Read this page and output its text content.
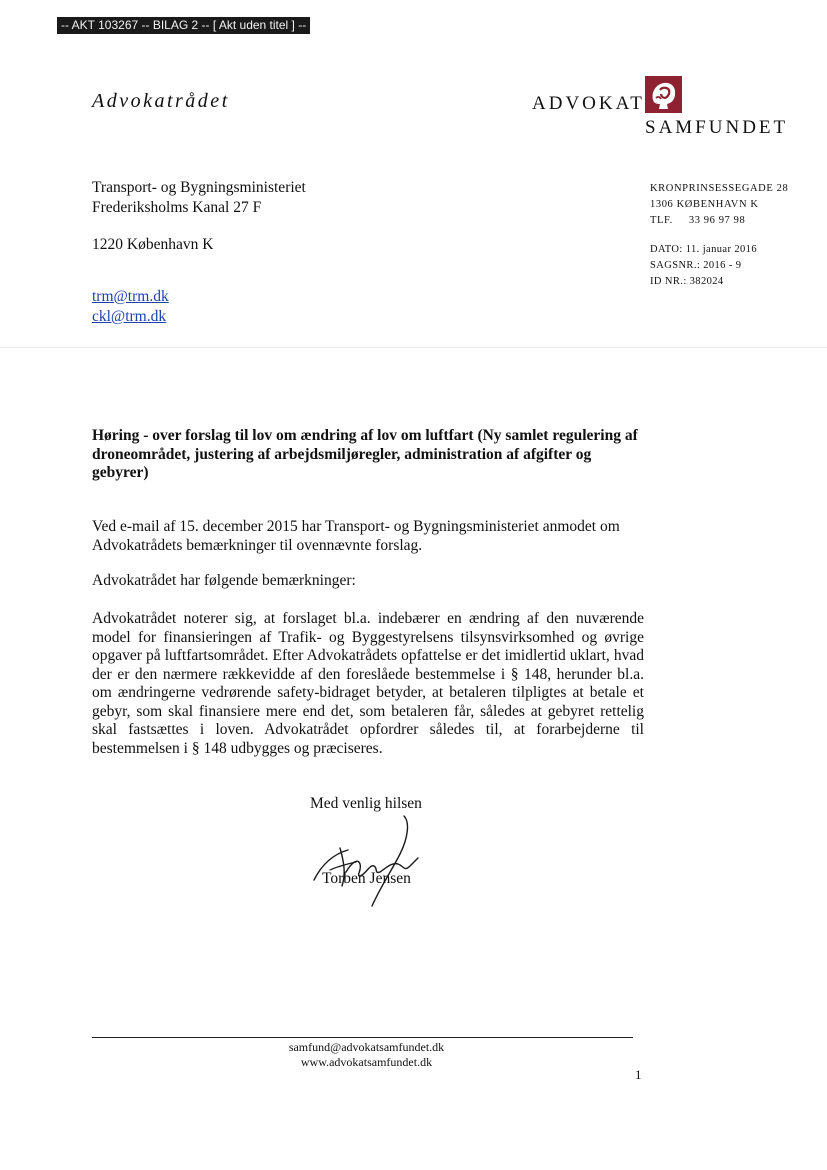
-- AKT 103267 -- BILAG 2 -- [ Akt uden titel ] --
Advokatrådet	ADVOKAT
SAMFUNDET
Transport- og Bygningsministeriet
Frederiksholms Kanal 27 F
1220 København K
trm@trm.dk
ckl@trm.dk
KRONPRINSESSEGADE 28
1306 KØBENHAVN K
TLF. 33 96 97 98
DATO: 11. januar 2016
SAGSNR.: 2016 - 9
ID NR.: 382024
Høring - over forslag til lov om ændring af lov om luftfart (Ny samlet regulering af droneområdet, justering af arbejdsmiljøregler, administration af afgifter og gebyrer)
Ved e-mail af 15. december 2015 har Transport- og Bygningsministeriet anmodet om Advokatrådets bemærkninger til ovennævnte forslag.
Advokatrådet har følgende bemærkninger:
Advokatrådet noterer sig, at forslaget bl.a. indebærer en ændring af den nuværende model for finansieringen af Trafik- og Byggestyrelsens tilsynsvirksomhed og øvrige opgaver på luftfartsområdet. Efter Advokatrådets opfattelse er det imidlertid uklart, hvad der er den nærmere rækkevidde af den foreslåede bestemmelse i § 148, herunder bl.a. om ændringerne vedrørende safety-bidraget betyder, at betaleren tilpligtes at betale et gebyr, som skal finansiere mere end det, som betaleren får, således at gebyret rettelig skal fastsættes i loven. Advokatrådet opfordrer således til, at forarbejderne til bestemmelsen i § 148 udbygges og præciseres.
Med venlig hilsen
Torben Jensen
samfund@advokatsamfundet.dk
www.advokatsamfundet.dk
1
